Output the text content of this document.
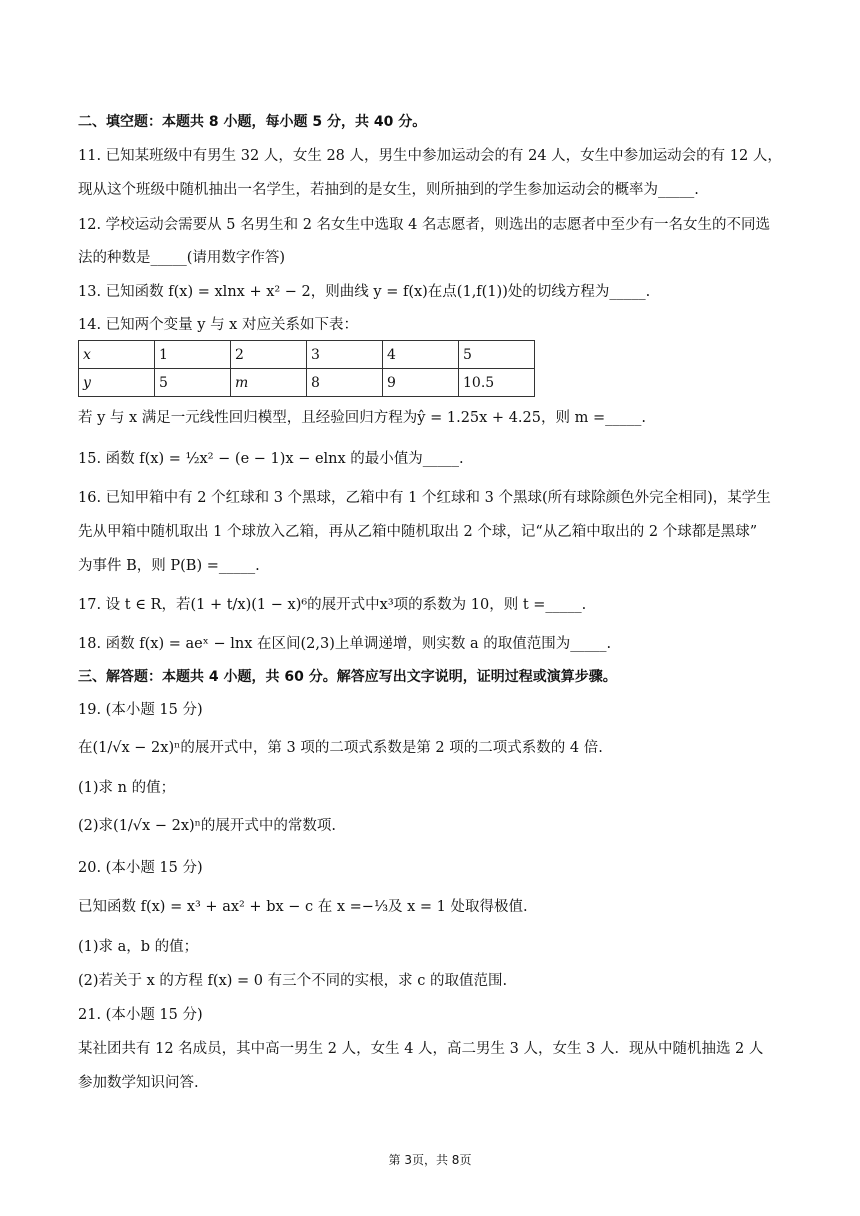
二、填空题：本题共 8 小题，每小题 5 分，共 40 分。
11. 已知某班级中有男生 32 人，女生 28 人，男生中参加运动会的有 24 人，女生中参加运动会的有 12 人，
现从这个班级中随机抽出一名学生，若抽到的是女生，则所抽到的学生参加运动会的概率为_____.
12. 学校运动会需要从 5 名男生和 2 名女生中选取 4 名志愿者，则选出的志愿者中至少有一名女生的不同选
法的种数是_____(请用数字作答)
13. 已知函数 f(x) = xlnx + x² − 2，则曲线 y = f(x)在点(1,f(1))处的切线方程为_____.
14. 已知两个变量 y 与 x 对应关系如下表：
x	1	2	3	4	5
y	5	m	8	9	10.5
若 y 与 x 满足一元线性回归模型，且经验回归方程为ŷ = 1.25x + 4.25，则 m =_____.
15. 函数 f(x) = ½x² − (e − 1)x − elnx 的最小值为_____.
16. 已知甲箱中有 2 个红球和 3 个黑球，乙箱中有 1 个红球和 3 个黑球(所有球除颜色外完全相同)，某学生
先从甲箱中随机取出 1 个球放入乙箱，再从乙箱中随机取出 2 个球，记“从乙箱中取出的 2 个球都是黑球”
为事件 B，则 P(B) =_____.
17. 设 t ∈ R，若(1 + t/x)(1 − x)⁶的展开式中x³项的系数为 10，则 t =_____.
18. 函数 f(x) = aeˣ − lnx 在区间(2,3)上单调递增，则实数 a 的取值范围为_____.
三、解答题：本题共 4 小题，共 60 分。解答应写出文字说明，证明过程或演算步骤。
19. (本小题 15 分)
在(1/√x − 2x)ⁿ的展开式中，第 3 项的二项式系数是第 2 项的二项式系数的 4 倍.
(1)求 n 的值；
(2)求(1/√x − 2x)ⁿ的展开式中的常数项.
20. (本小题 15 分)
已知函数 f(x) = x³ + ax² + bx − c 在 x =−⅓及 x = 1 处取得极值.
(1)求 a，b 的值；
(2)若关于 x 的方程 f(x) = 0 有三个不同的实根，求 c 的取值范围.
21. (本小题 15 分)
某社团共有 12 名成员，其中高一男生 2 人，女生 4 人，高二男生 3 人，女生 3 人．现从中随机抽选 2 人
参加数学知识问答.
第 3页，共 8页
